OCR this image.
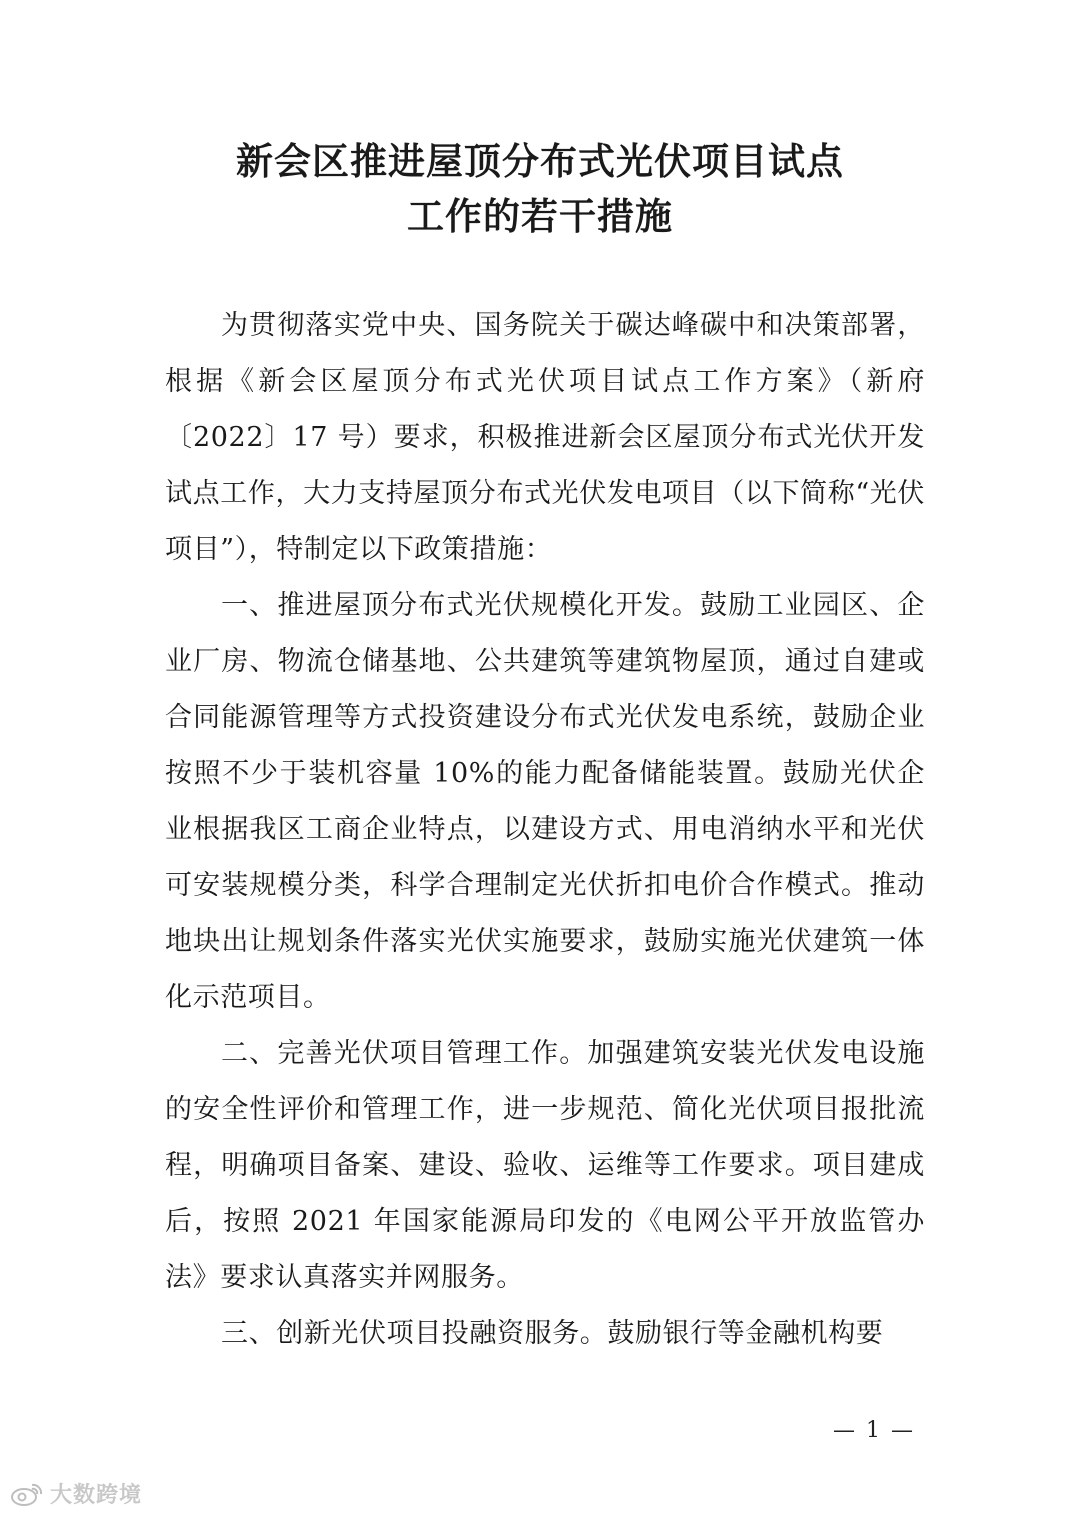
新会区推进屋顶分布式光伏项目试点
工作的若干措施

为贯彻落实党中央、国务院关于碳达峰碳中和决策部署，根据《新会区屋顶分布式光伏项目试点工作方案》（新府〔2022〕17 号）要求，积极推进新会区屋顶分布式光伏开发试点工作，大力支持屋顶分布式光伏发电项目（以下简称“光伏项目”），特制定以下政策措施：

一、推进屋顶分布式光伏规模化开发。鼓励工业园区、企业厂房、物流仓储基地、公共建筑等建筑物屋顶，通过自建或合同能源管理等方式投资建设分布式光伏发电系统，鼓励企业按照不少于装机容量 10%的能力配备储能装置。鼓励光伏企业根据我区工商企业特点，以建设方式、用电消纳水平和光伏可安装规模分类，科学合理制定光伏折扣电价合作模式。推动地块出让规划条件落实光伏实施要求，鼓励实施光伏建筑一体化示范项目。

二、完善光伏项目管理工作。加强建筑安装光伏发电设施的安全性评价和管理工作，进一步规范、简化光伏项目报批流程，明确项目备案、建设、验收、运维等工作要求。项目建成后，按照 2021 年国家能源局印发的《电网公平开放监管办法》要求认真落实并网服务。

三、创新光伏项目投融资服务。鼓励银行等金融机构要

— 1 —
大数跨境
